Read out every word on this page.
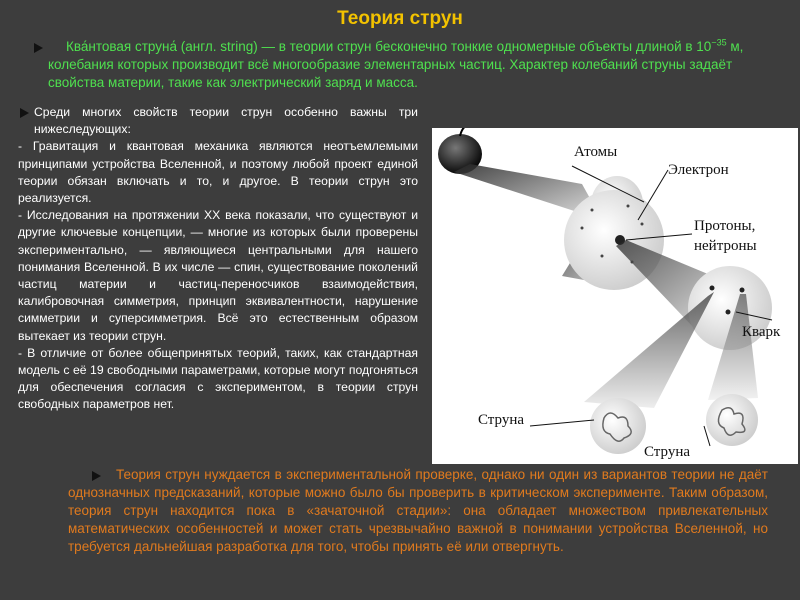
Теория струн

Ква́нтовая струна́ (англ. string) — в теории струн бесконечно тонкие одномерные объекты длиной в $10^{-35}$ м, колебания которых производит всё многообразие элементарных частиц. Характер колебаний струны задаёт свойства материи, такие как электрический заряд и масса.

Среди многих свойств теории струн особенно важны три нижеследующих:

- Гравитация и квантовая механика являются неотъемлемыми принципами устройства Вселенной, и поэтому любой проект единой теории обязан включать и то, и другое. В теории струн это реализуется.

- Исследования на протяжении XX века показали, что существуют и другие ключевые концепции, — многие из которых были проверены экспериментально, — являющиеся центральными для нашего понимания Вселенной. В их числе — спин, существование поколений частиц материи и частиц-переносчиков взаимодействия, калибровочная симметрия, принцип эквивалентности, нарушение симметрии и суперсимметрия. Всё это естественным образом вытекает из теории струн.

- В отличие от более общепринятых теорий, таких, как стандартная модель с её 19 свободными параметрами, которые могут подгоняться для обеспечения согласия с экспериментом, в теории струн свободных параметров нет.

Атомы
Электрон
Протоны,
нейтроны
Кварк
Струна
Струна

Теория струн нуждается в экспериментальной проверке, однако ни один из вариантов теории не даёт однозначных предсказаний, которые можно было бы проверить в критическом эксперименте. Таким образом, теория струн находится пока в «зачаточной стадии»: она обладает множеством привлекательных математических особенностей и может стать чрезвычайно важной в понимании устройства Вселенной, но требуется дальнейшая разработка для того, чтобы принять её или отвергнуть.
